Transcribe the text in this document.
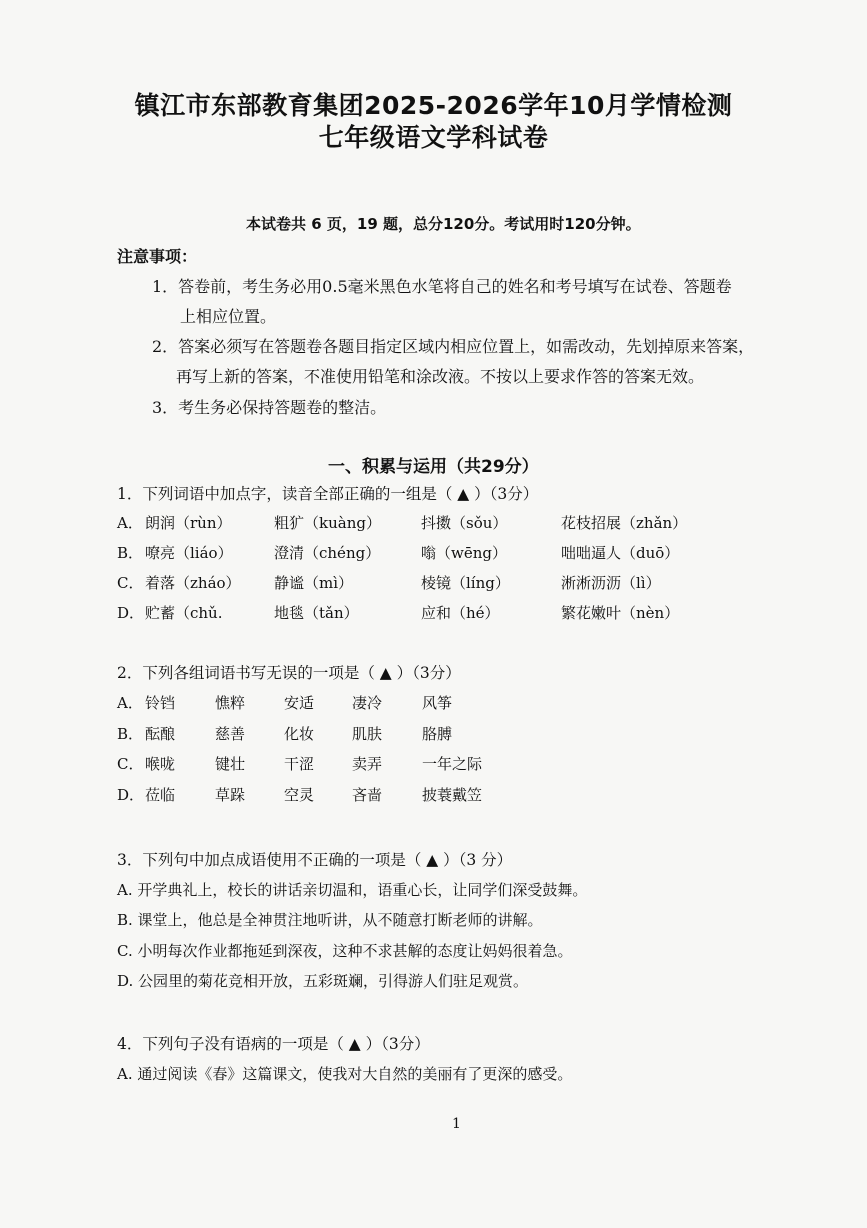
镇江市东部教育集团2025-2026学年10月学情检测
七年级语文学科试卷
本试卷共 6 页，19 题，总分120分。考试用时120分钟。
注意事项：
1．答卷前，考生务必用0.5毫米黑色水笔将自己的姓名和考号填写在试卷、答题卷
上相应位置。
2．答案必须写在答题卷各题目指定区域内相应位置上，如需改动，先划掉原来答案，
再写上新的答案，不准使用铅笔和涂改液。不按以上要求作答的答案无效。
3．考生务必保持答题卷的整洁。
一、积累与运用（共29分）
1．下列词语中加点字，读音全部正确的一组是（ ▲ ）（3分）
A． 朗润（rùn）	粗犷（kuàng）	抖擞（sǒu）	花枝招展（zhǎn）
B． 嘹亮（liáo）	澄清（chéng）	嗡（wēng）	咄咄逼人（duō）
C． 着落（zháo） 静谧（mì）	棱镜（líng）	淅淅沥沥（lì）
D． 贮蓄（chǔ.	地毯（tǎn）	应和（hé）	繁花嫩叶（nèn）
2．下列各组词语书写无误的一项是（ ▲ ）（3分）
A． 铃铛	憔粹	安适	凄冷	风筝
B． 酝酿	慈善	化妆	肌肤	胳膊
C． 喉咙	键壮	干涩	卖弄	一年之际
D． 莅临	草跺	空灵	吝啬	披蓑戴笠
3．下列句中加点成语使用不正确的一项是（ ▲ ）（3 分）
A. 开学典礼上，校长的讲话亲切温和，语重心长，让同学们深受鼓舞。
B. 课堂上，他总是全神贯注地听讲，从不随意打断老师的讲解。
C. 小明每次作业都拖延到深夜，这种不求甚解的态度让妈妈很着急。
D. 公园里的菊花竞相开放，五彩斑斓，引得游人们驻足观赏。
4．下列句子没有语病的一项是（ ▲ ）（3分）
A. 通过阅读《春》这篇课文，使我对大自然的美丽有了更深的感受。
1
